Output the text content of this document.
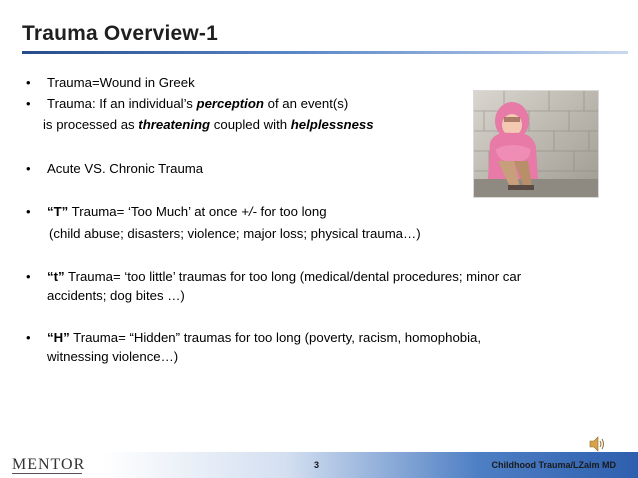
Trauma Overview-1
• Trauma=Wound in Greek
• Trauma: If an individual’s perception of an event(s)
is processed as threatening coupled with helplessness
• Acute VS. Chronic Trauma
• “T” Trauma= ‘Too Much’ at once +/- for too long
(child abuse; disasters; violence; major loss; physical trauma…)
• “t” Trauma= ‘too little’ traumas for too long (medical/dental procedures; minor car
accidents; dog bites …)
• “H” Trauma= “Hidden” traumas for too long (poverty, racism, homophobia,
witnessing violence…)
MENTOR	3	Childhood Trauma/LZaim MD
